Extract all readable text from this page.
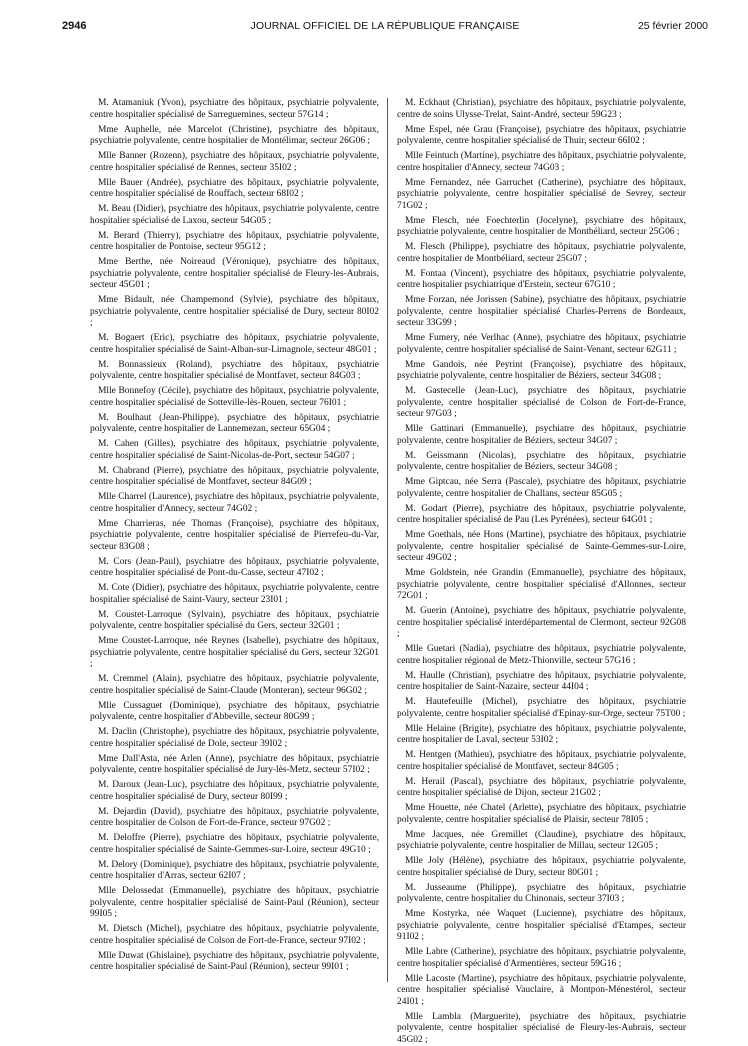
2946	JOURNAL OFFICIEL DE LA RÉPUBLIQUE FRANÇAISE	25 février 2000

M. Atamaniuk (Yvon), psychiatre des hôpitaux, psychiatrie polyvalente, centre hospitalier spécialisé de Sarreguemines, secteur 57G14 ;

Mme Auphelle, née Marcelot (Christine), psychiatre des hôpitaux, psychiatrie polyvalente, centre hospitalier de Montélimar, secteur 26G06 ;

Mlle Banner (Rozenn), psychiatre des hôpitaux, psychiatrie polyvalente, centre hospitalier spécialisé de Rennes, secteur 35I02 ;

Mlle Bauer (Andrée), psychiatre des hôpitaux, psychiatrie polyvalente, centre hospitalier spécialisé de Rouffach, secteur 68I02 ;

M. Beau (Didier), psychiatre des hôpitaux, psychiatrie polyvalente, centre hospitalier spécialisé de Laxou, secteur 54G05 ;

M. Berard (Thierry), psychiatre des hôpitaux, psychiatrie polyvalente, centre hospitalier de Pontoise, secteur 95G12 ;

Mme Berthe, née Noireaud (Véronique), psychiatre des hôpitaux, psychiatrie polyvalente, centre hospitalier spécialisé de Fleury-les-Aubrais, secteur 45G01 ;

Mme Bidault, née Champemond (Sylvie), psychiatre des hôpitaux, psychiatrie polyvalente, centre hospitalier spécialisé de Dury, secteur 80I02 ;

M. Bogaert (Eric), psychiatre des hôpitaux, psychiatrie polyvalente, centre hospitalier spécialisé de Saint-Alban-sur-Limagnole, secteur 48G01 ;

M. Bonnassieux (Roland), psychiatre des hôpitaux, psychiatrie polyvalente, centre hospitalier spécialisé de Montfavet, secteur 84G03 ;

Mlle Bonnefoy (Cécile), psychiatre des hôpitaux, psychiatrie polyvalente, centre hospitalier spécialisé de Sotteville-lès-Rouen, secteur 76I01 ;

M. Boulhaut (Jean-Philippe), psychiatre des hôpitaux, psychiatrie polyvalente, centre hospitalier de Lannemezan, secteur 65G04 ;

M. Cahen (Gilles), psychiatre des hôpitaux, psychiatrie polyvalente, centre hospitalier spécialisé de Saint-Nicolas-de-Port, secteur 54G07 ;

M. Chabrand (Pierre), psychiatre des hôpitaux, psychiatrie polyvalente, centre hospitalier spécialisé de Montfavet, secteur 84G09 ;

Mlle Charrel (Laurence), psychiatre des hôpitaux, psychiatrie polyvalente, centre hospitalier d'Annecy, secteur 74G02 ;

Mme Charrieras, née Thomas (Françoise), psychiatre des hôpitaux, psychiatrie polyvalente, centre hospitalier spécialisé de Pierrefeu-du-Var, secteur 83G08 ;

M. Cors (Jean-Paul), psychiatre des hôpitaux, psychiatrie polyvalente, centre hospitalier spécialisé de Pont-du-Casse, secteur 47I02 ;

M. Cote (Didier), psychiatre des hôpitaux, psychiatrie polyvalente, centre hospitalier spécialisé de Saint-Vaury, secteur 23I01 ;

M. Coustet-Larroque (Sylvain), psychiatre des hôpitaux, psychiatrie polyvalente, centre hospitalier spécialisé du Gers, secteur 32G01 ;

Mme Coustet-Larroque, née Reynes (Isabelle), psychiatre des hôpitaux, psychiatrie polyvalente, centre hospitalier spécialisé du Gers, secteur 32G01 ;

M. Cremmel (Alain), psychiatre des hôpitaux, psychiatrie polyvalente, centre hospitalier spécialisé de Saint-Claude (Monteran), secteur 96G02 ;

Mlle Cussaguet (Dominique), psychiatre des hôpitaux, psychiatrie polyvalente, centre hospitalier d'Abbeville, secteur 80G99 ;

M. Daclin (Christophe), psychiatre des hôpitaux, psychiatrie polyvalente, centre hospitalier spécialisé de Dole, secteur 39I02 ;

Mme Dall'Asta, née Arlen (Anne), psychiatre des hôpitaux, psychiatrie polyvalente, centre hospitalier spécialisé de Jury-lès-Metz, secteur 57I02 ;

M. Daroux (Jean-Luc), psychiatre des hôpitaux, psychiatrie polyvalente, centre hospitalier spécialisé de Dury, secteur 80I99 ;

M. Dejardin (David), psychiatre des hôpitaux, psychiatrie polyvalente, centre hospitalier de Colson de Fort-de-France, secteur 97G02 ;

M. Deloffre (Pierre), psychiatre des hôpitaux, psychiatrie polyvalente, centre hospitalier spécialisé de Sainte-Gemmes-sur-Loire, secteur 49G10 ;

M. Delory (Dominique), psychiatre des hôpitaux, psychiatrie polyvalente, centre hospitalier d'Arras, secteur 62I07 ;

Mlle Delossedat (Emmanuelle), psychiatre des hôpitaux, psychiatrie polyvalente, centre hospitalier spécialisé de Saint-Paul (Réunion), secteur 99I05 ;

M. Dietsch (Michel), psychiatre des hôpitaux, psychiatrie polyvalente, centre hospitalier spécialisé de Colson de Fort-de-France, secteur 97I02 ;

Mlle Duwat (Ghislaine), psychiatre des hôpitaux, psychiatrie polyvalente, centre hospitalier spécialisé de Saint-Paul (Réunion), secteur 99I01 ;

M. Eckhaut (Christian), psychiatre des hôpitaux, psychiatrie polyvalente, centre de soins Ulysse-Trelat, Saint-André, secteur 59G23 ;

Mme Espel, née Grau (Françoise), psychiatre des hôpitaux, psychiatrie polyvalente, centre hospitalier spécialisé de Thuir, secteur 66I02 ;

Mlle Feintuch (Martine), psychiatre des hôpitaux, psychiatrie polyvalente, centre hospitalier d'Annecy, secteur 74G03 ;

Mme Fernandez, née Garruchet (Catherine), psychiatre des hôpitaux, psychiatrie polyvalente, centre hospitalier spécialisé de Sevrey, secteur 71G02 ;

Mme Flesch, née Foechterlin (Jocelyne), psychiatre des hôpitaux, psychiatrie polyvalente, centre hospitalier de Montbéliard, secteur 25G06 ;

M. Flesch (Philippe), psychiatre des hôpitaux, psychiatrie polyvalente, centre hospitalier de Montbéliard, secteur 25G07 ;

M. Fontaa (Vincent), psychiatre des hôpitaux, psychiatrie polyvalente, centre hospitalier psychiatrique d'Erstein, secteur 67G10 ;

Mme Forzan, née Jorissen (Sabine), psychiatre des hôpitaux, psychiatrie polyvalente, centre hospitalier spécialisé Charles-Perrens de Bordeaux, secteur 33G99 ;

Mme Fumery, née Verlhac (Anne), psychiatre des hôpitaux, psychiatrie polyvalente, centre hospitalier spécialisé de Saint-Venant, secteur 62G11 ;

Mme Gandois, née Peyrint (Françoise), psychiatre des hôpitaux, psychiatrie polyvalente, centre hospitalier de Béziers, secteur 34G08 ;

M. Gastecelle (Jean-Luc), psychiatre des hôpitaux, psychiatrie polyvalente, centre hospitalier spécialisé de Colson de Fort-de-France, secteur 97G03 ;

Mlle Gattinari (Emmanuelle), psychiatre des hôpitaux, psychiatrie polyvalente, centre hospitalier de Béziers, secteur 34G07 ;

M. Geissmann (Nicolas), psychiatre des hôpitaux, psychiatrie polyvalente, centre hospitalier de Béziers, secteur 34G08 ;

Mme Giptcau, née Serra (Pascale), psychiatre des hôpitaux, psychiatrie polyvalente, centre hospitalier de Challans, secteur 85G05 ;

M. Godart (Pierre), psychiatre des hôpitaux, psychiatrie polyvalente, centre hospitalier spécialisé de Pau (Les Pyrénées), secteur 64G01 ;

Mme Goethals, née Hons (Martine), psychiatre des hôpitaux, psychiatrie polyvalente, centre hospitalier spécialisé de Sainte-Gemmes-sur-Loire, secteur 49G02 ;

Mme Goldstein, née Grandin (Emmanuelle), psychiatre des hôpitaux, psychiatrie polyvalente, centre hospitalier spécialisé d'Allonnes, secteur 72G01 ;

M. Guerin (Antoine), psychiatre des hôpitaux, psychiatrie polyvalente, centre hospitalier spécialisé interdépartemental de Clermont, secteur 92G08 ;

Mlle Guetari (Nadia), psychiatre des hôpitaux, psychiatrie polyvalente, centre hospitalier régional de Metz-Thionville, secteur 57G16 ;

M. Haulle (Christian), psychiatre des hôpitaux, psychiatrie polyvalente, centre hospitalier de Saint-Nazaire, secteur 44I04 ;

M. Hautefeuille (Michel), psychiatre des hôpitaux, psychiatrie polyvalente, centre hospitalier spécialisé d'Epinay-sur-Orge, secteur 75T00 ;

Mlle Helaine (Brigite), psychiatre des hôpitaux, psychiatrie polyvalente, centre hospitalier de Laval, secteur 53I02 ;

M. Hentgen (Mathieu), psychiatre des hôpitaux, psychiatrie polyvalente, centre hospitalier spécialisé de Montfavet, secteur 84G05 ;

M. Herail (Pascal), psychiatre des hôpitaux, psychiatrie polyvalente, centre hospitalier spécialisé de Dijon, secteur 21G02 ;

Mme Houette, née Chatel (Arlette), psychiatre des hôpitaux, psychiatrie polyvalente, centre hospitalier spécialisé de Plaisir, secteur 78I05 ;

Mme Jacques, née Gremillet (Claudine), psychiatre des hôpitaux, psychiatrie polyvalente, centre hospitalier de Millau, secteur 12G05 ;

Mlle Joly (Hélène), psychiatre des hôpitaux, psychiatrie polyvalente, centre hospitalier spécialisé de Dury, secteur 80G01 ;

M. Jusseaume (Philippe), psychiatre des hôpitaux, psychiatrie polyvalente, centre hospitalier du Chinonais, secteur 37I03 ;

Mme Kostyrka, née Waquet (Lucienne), psychiatre des hôpitaux, psychiatrie polyvalente, centre hospitalier spécialisé d'Etampes, secteur 91I02 ;

Mlle Labre (Catherine), psychiatre des hôpitaux, psychiatrie polyvalente, centre hospitalier spécialisé d'Armentières, secteur 59G16 ;

Mlle Lacoste (Martine), psychiatre des hôpitaux, psychiatrie polyvalente, centre hospitalier spécialisé Vauclaire, à Montpon-Ménestérol, secteur 24I01 ;

Mlle Lambla (Marguerite), psychiatre des hôpitaux, psychiatrie polyvalente, centre hospitalier spécialisé de Fleury-les-Aubrais, secteur 45G02 ;
